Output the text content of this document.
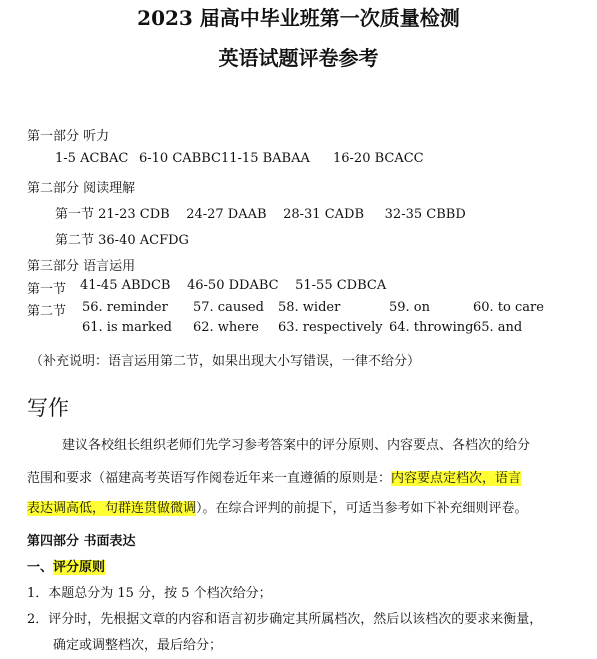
2023 届高中毕业班第一次质量检测
英语试题评卷参考
第一部分 听力
1-5 ACBAC 6-10 CABBC 11-15 BABAA 16-20 BCACC
第二部分 阅读理解
第一节 21-23 CDB    24-27 DAAB    28-31 CADB     32-35 CBBD
第二节 36-40 ACFDG
第三部分 语言运用
第一节 41-45 ABDCB    46-50 DDABC    51-55 CDBCA
第二节 56. reminder 57. caused 58. wider	59. on	60. to care
61. is marked 62. where 63. respectively 64. throwing 65. and
（补充说明：语言运用第二节，如果出现大小写错误，一律不给分）
写作
建议各校组长组织老师们先学习参考答案中的评分原则、内容要点、各档次的给分
范围和要求（福建高考英语写作阅卷近年来一直遵循的原则是：内容要点定档次，语言
表达调高低，句群连贯做微调）。在综合评判的前提下，可适当参考如下补充细则评卷。
第四部分 书面表达
一、评分原则
1．本题总分为 15 分，按 5 个档次给分；
2．评分时，先根据文章的内容和语言初步确定其所属档次，然后以该档次的要求来衡量，
确定或调整档次，最后给分；
